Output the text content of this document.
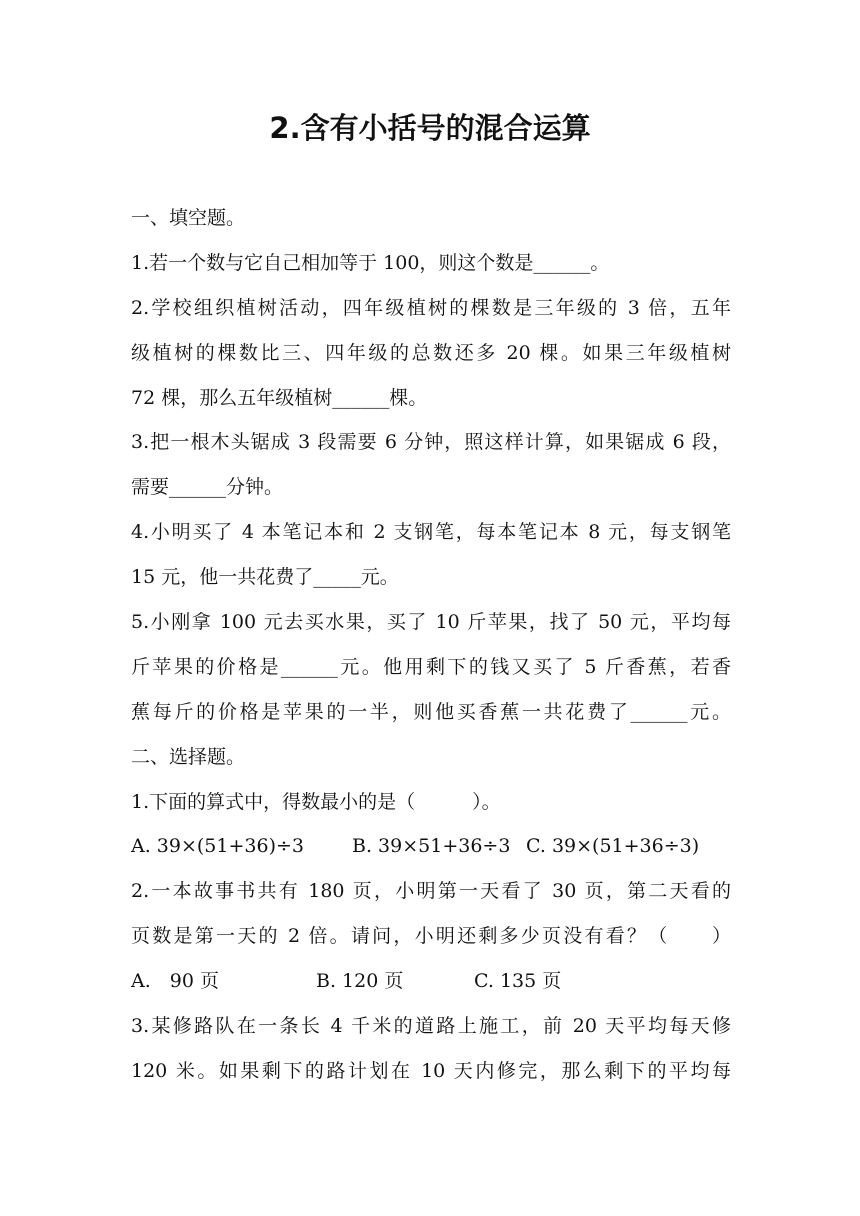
2.含有小括号的混合运算
一、填空题。
1.若一个数与它自己相加等于 100，则这个数是______。
2.学校组织植树活动，四年级植树的棵数是三年级的 3 倍，五年
级植树的棵数比三、四年级的总数还多 20 棵。如果三年级植树
72 棵，那么五年级植树______棵。
3.把一根木头锯成 3 段需要 6 分钟，照这样计算，如果锯成 6 段，
需要______分钟。
4.小明买了 4 本笔记本和 2 支钢笔，每本笔记本 8 元，每支钢笔
15 元，他一共花费了_____元。
5.小刚拿 100 元去买水果，买了 10 斤苹果，找了 50 元，平均每
斤苹果的价格是______元。他用剩下的钱又买了 5 斤香蕉，若香
蕉每斤的价格是苹果的一半，则他买香蕉一共花费了______元。
二、选择题。
1.下面的算式中，得数最小的是（　　　）。
A. 39×(51+36)÷3	B. 39×51+36÷3 C. 39×(51+36÷3)
2.一本故事书共有 180 页，小明第一天看了 30 页，第二天看的
页数是第一天的 2 倍。请问，小明还剩多少页没有看？（　　）
A.　90 页	B. 120 页	C. 135 页
3.某修路队在一条长 4 千米的道路上施工，前 20 天平均每天修
120 米。如果剩下的路计划在 10 天内修完，那么剩下的平均每
